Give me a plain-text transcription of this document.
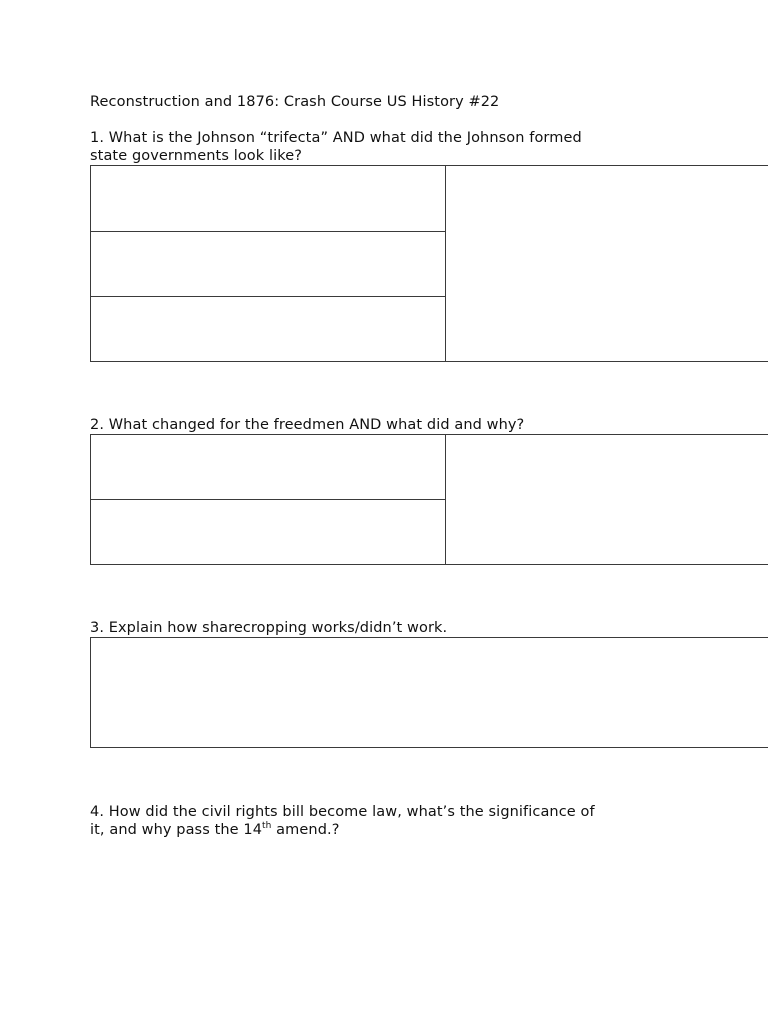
Reconstruction and 1876: Crash Course US History #22
1. What is the Johnson “trifecta” AND what did the Johnson formed
state governments look like?
2. What changed for the freedmen AND what did and why?
3. Explain how sharecropping works/didn’t work.
4. How did the civil rights bill become law, what’s the significance of
it, and why pass the 14th amend.?
